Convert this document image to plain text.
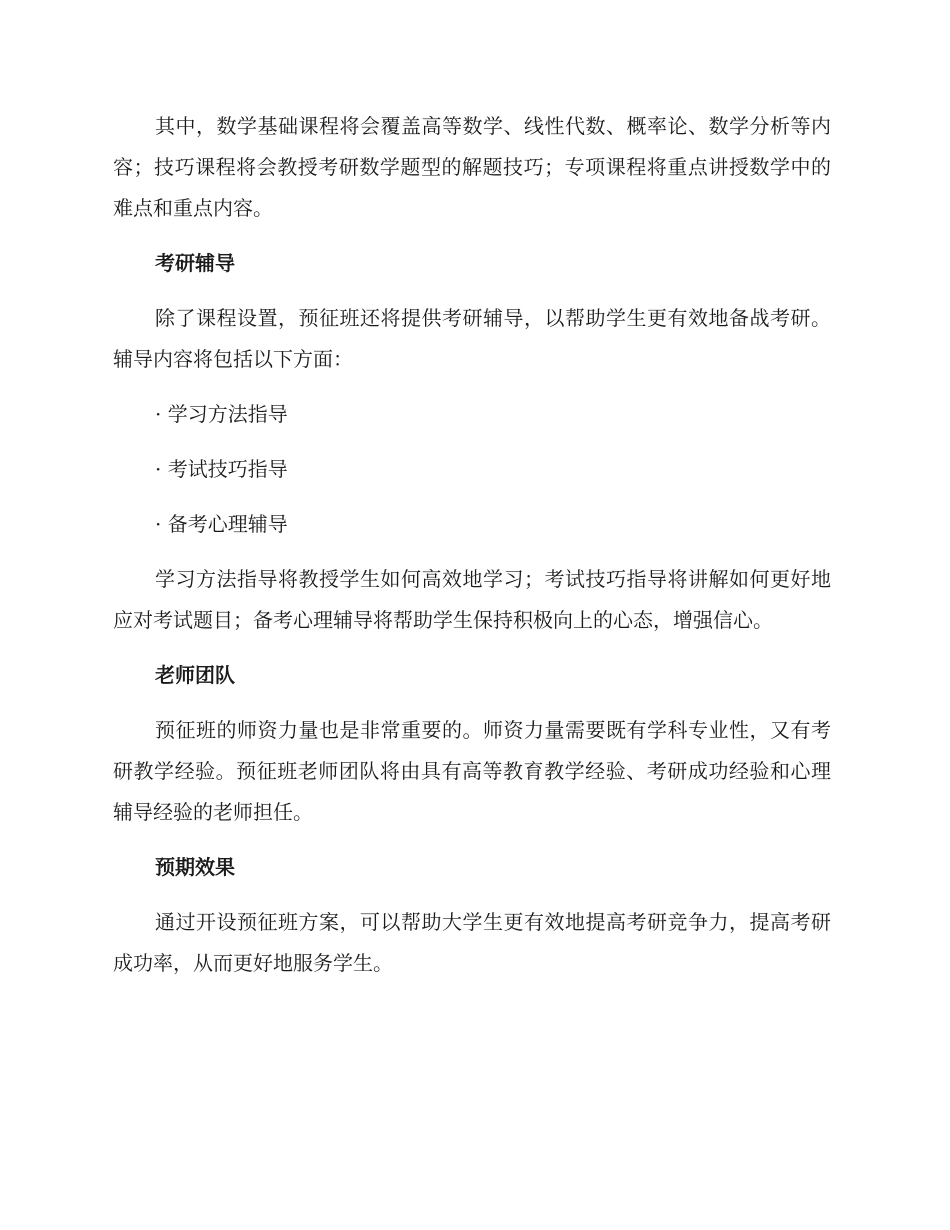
其中，数学基础课程将会覆盖高等数学、线性代数、概率论、数学分析等内容；技巧课程将会教授考研数学题型的解题技巧；专项课程将重点讲授数学中的难点和重点内容。

考研辅导

除了课程设置，预征班还将提供考研辅导，以帮助学生更有效地备战考研。辅导内容将包括以下方面：

· 学习方法指导

· 考试技巧指导

· 备考心理辅导

学习方法指导将教授学生如何高效地学习；考试技巧指导将讲解如何更好地应对考试题目；备考心理辅导将帮助学生保持积极向上的心态，增强信心。

老师团队

预征班的师资力量也是非常重要的。师资力量需要既有学科专业性，又有考研教学经验。预征班老师团队将由具有高等教育教学经验、考研成功经验和心理辅导经验的老师担任。

预期效果

通过开设预征班方案，可以帮助大学生更有效地提高考研竞争力，提高考研成功率，从而更好地服务学生。
